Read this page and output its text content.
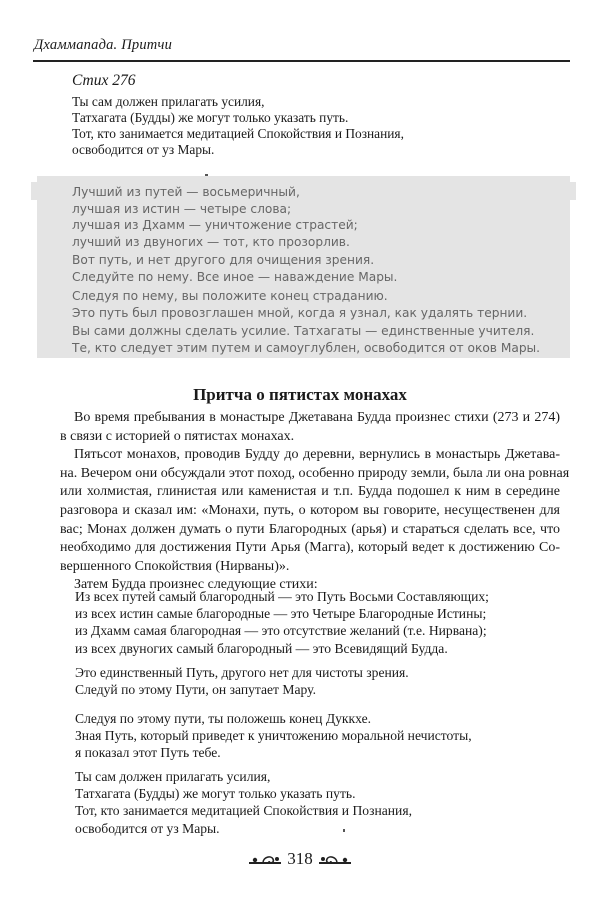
Дхаммапада. Притчи
Стих 276
Ты сам должен прилагать усилия,
Татхагата (Будды) же могут только указать путь.
Тот, кто занимается медитацией Спокойствия и Познания,
освободится от уз Мары.
Лучший из путей — восьмеричный,
лучшая из истин — четыре слова;
лучшая из Дхамм — уничтожение страстей;
лучший из двуногих — тот, кто прозорлив.
Вот путь, и нет другого для очищения зрения.
Следуйте по нему. Все иное — наваждение Мары.
Следуя по нему, вы положите конец страданию.
Это путь был провозглашен мной, когда я узнал, как удалять тернии.
Вы сами должны сделать усилие. Татхагаты — единственные учителя.
Те, кто следует этим путем и самоуглублен, освободится от оков Мары.
Притча о пятистах монахах
Во время пребывания в монастыре Джетавана Будда произнес стихи (273 и 274)
в связи с историей о пятистах монахах.
Пятьсот монахов, проводив Будду до деревни, вернулись в монастырь Джетава-
на. Вечером они обсуждали этот поход, особенно природу земли, была ли она ровная
или холмистая, глинистая или каменистая и т.п. Будда подошел к ним в середине
разговора и сказал им: «Монахи, путь, о котором вы говорите, несущественен для
вас; Монах должен думать о пути Благородных (арья) и стараться сделать все, что
необходимо для достижения Пути Арья (Магга), который ведет к достижению Со-
вершенного Спокойствия (Нирваны)».
Затем Будда произнес следующие стихи:
Из всех путей самый благородный — это Путь Восьми Составляющих;
из всех истин самые благородные — это Четыре Благородные Истины;
из Дхамм самая благородная — это отсутствие желаний (т.е. Нирвана);
из всех двуногих самый благородный — это Всевидящий Будда.
Это единственный Путь, другого нет для чистоты зрения.
Следуй по этому Пути, он запутает Мару.
Следуя по этому пути, ты положешь конец Дуккхе.
Зная Путь, который приведет к уничтожению моральной нечистоты,
я показал этот Путь тебе.
Ты сам должен прилагать усилия,
Татхагата (Будды) же могут только указать путь.
Тот, кто занимается медитацией Спокойствия и Познания,
освободится от уз Мары.
318
